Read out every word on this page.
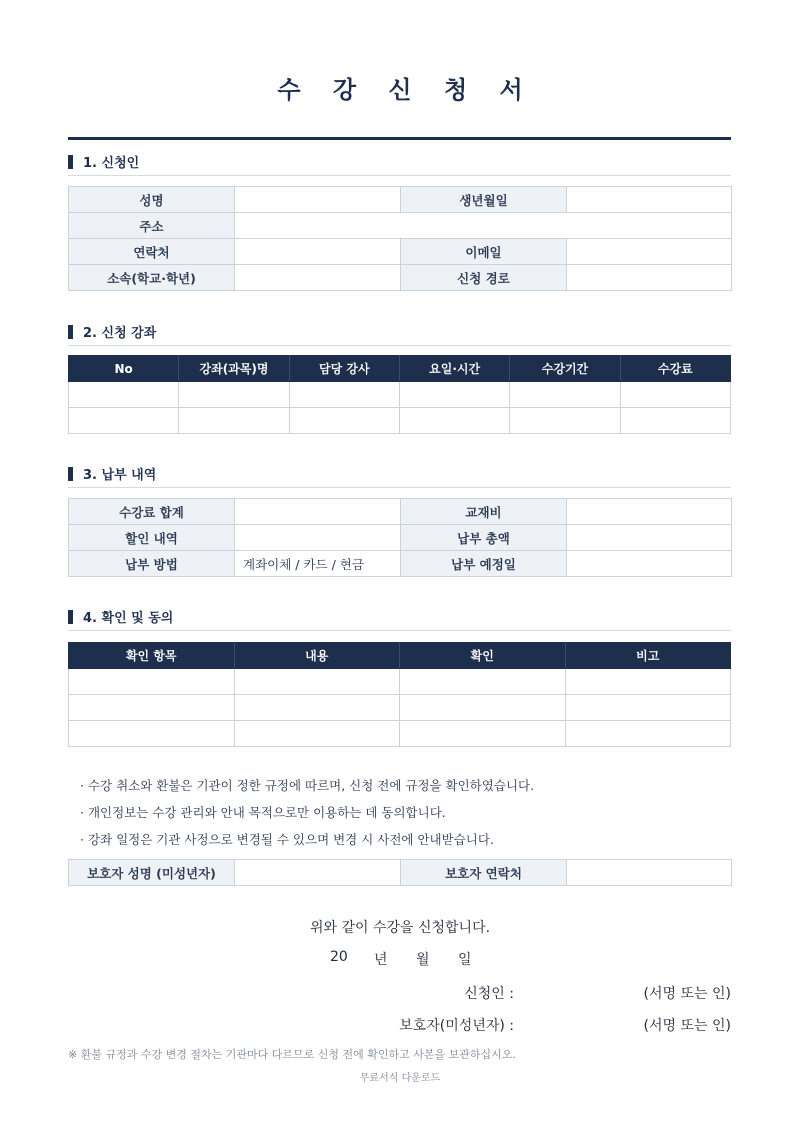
수 강 신 청 서
1. 신청인
성명		생년월일	
주소			
연락처		이메일	
소속(학교·학년)		신청 경로	
2. 신청 강좌
No	강좌(과목)명	담당 강사	요일·시간	수강기간	수강료

3. 납부 내역
수강료 합계		교재비	
할인 내역		납부 총액	
납부 방법	계좌이체 / 카드 / 현금	납부 예정일	
4. 확인 및 동의
확인 항목	내용	확인	비고

· 수강 취소와 환불은 기관이 정한 규정에 따르며, 신청 전에 규정을 확인하였습니다.
· 개인정보는 수강 관리와 안내 목적으로만 이용하는 데 동의합니다.
· 강좌 일정은 기관 사정으로 변경될 수 있으며 변경 시 사전에 안내받습니다.
보호자 성명 (미성년자)		보호자 연락처	
위와 같이 수강을 신청합니다.
20	년	월	일
신청인 :	(서명 또는 인)
보호자(미성년자) :	(서명 또는 인)
※ 환불 규정과 수강 변경 절차는 기관마다 다르므로 신청 전에 확인하고 사본을 보관하십시오.
무료서식 다운로드
